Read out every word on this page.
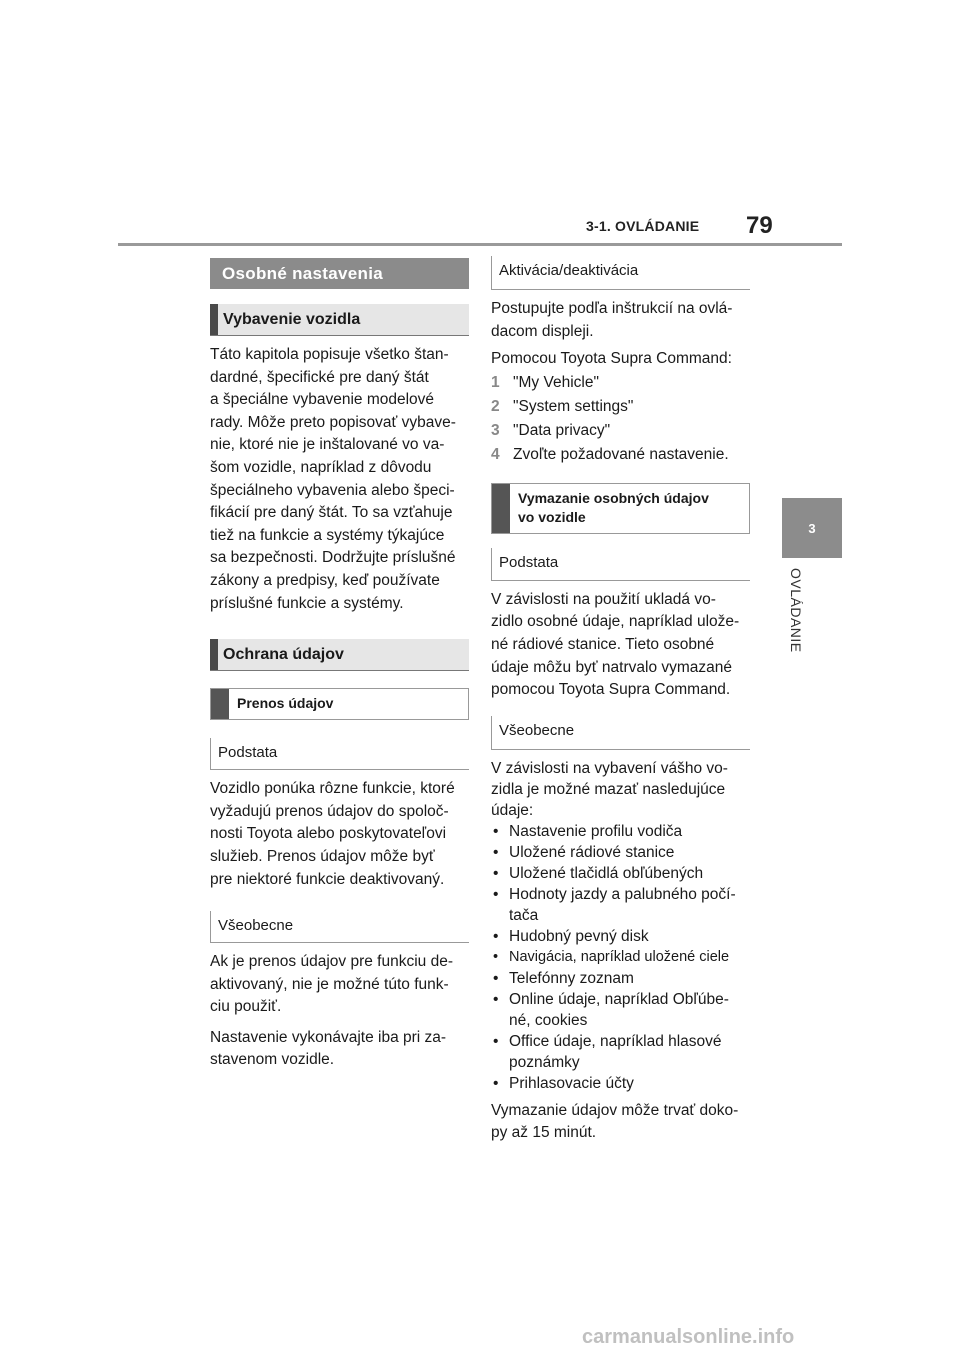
3-1. OVLÁDANIE 79
3
OVLÁDANIE
Osobné nastavenia
Vybavenie vozidla

Táto kapitola popisuje všetko štan-
dardné, špecifické pre daný štát
a špeciálne vybavenie modelové
rady. Môže preto popisovať vybave-
nie, ktoré nie je inštalované vo va-
šom vozidle, napríklad z dôvodu
špeciálneho vybavenia alebo špeci-
fikácií pre daný štát. To sa vzťahuje
tiež na funkcie a systémy týkajúce
sa bezpečnosti. Dodržujte príslušné
zákony a predpisy, keď používate
príslušné funkcie a systémy.

Ochrana údajov
Prenos údajov
Podstata

Vozidlo ponúka rôzne funkcie, ktoré
vyžadujú prenos údajov do spoloč-
nosti Toyota alebo poskytovateľovi
služieb. Prenos údajov môže byť
pre niektoré funkcie deaktivovaný.

Všeobecne

Ak je prenos údajov pre funkciu de-
aktivovaný, nie je možné túto funk-
ciu použiť.

Nastavenie vykonávajte iba pri za-
stavenom vozidle.

Aktivácia/deaktivácia

Postupujte podľa inštrukcií na ovlá-
dacom displeji.

Pomocou Toyota Supra Command:

1 "My Vehicle"
2 "System settings"
3 "Data privacy"
4 Zvoľte požadované nastavenie.
Vymazanie osobných údajov
vo vozidle
Podstata

V závislosti na použití ukladá vo-
zidlo osobné údaje, napríklad ulože-
né rádiové stanice. Tieto osobné
údaje môžu byť natrvalo vymazané
pomocou Toyota Supra Command.

Všeobecne

V závislosti na vybavení vášho vo-
zidla je možné mazať nasledujúce
údaje:

• Nastavenie profilu vodiča
• Uložené rádiové stanice
• Uložené tlačidlá obľúbených
• Hodnoty jazdy a palubného počí-
tača
• Hudobný pevný disk
• Navigácia, napríklad uložené ciele
• Telefónny zoznam
• Online údaje, napríklad Obľúbe-
né, cookies
• Office údaje, napríklad hlasové
poznámky
• Prihlasovacie účty

Vymazanie údajov môže trvať doko-
py až 15 minút.

carmanualsonline.info
